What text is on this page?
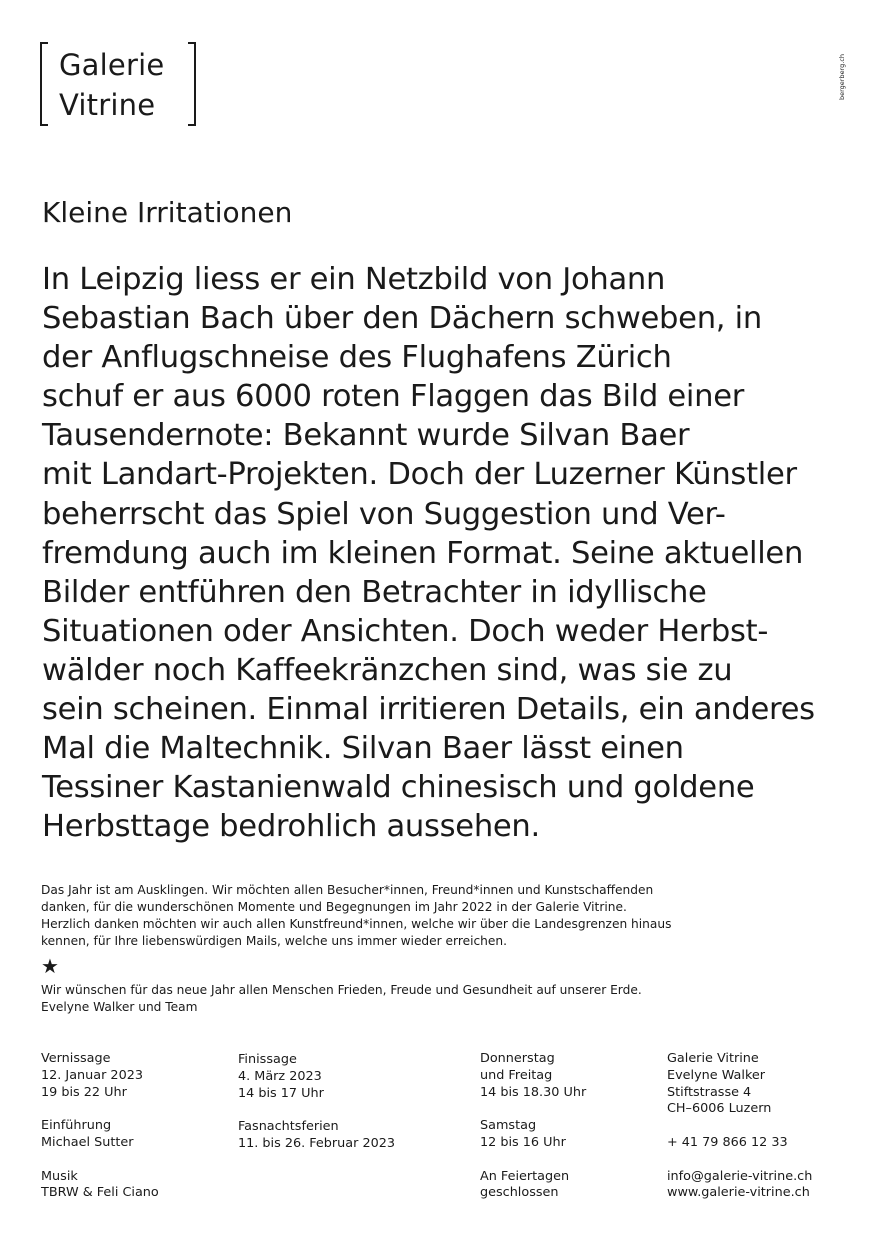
Galerie
Vitrine
bergerberg.ch
Kleine Irritationen
In Leipzig liess er ein Netzbild von Johann
Sebastian Bach über den Dächern schweben, in
der Anflugschneise des Flughafens Zürich
schuf er aus 6000 roten Flaggen das Bild einer
Tausendernote: Bekannt wurde Silvan Baer
mit Landart-Projekten. Doch der Luzerner Künstler
beherrscht das Spiel von Suggestion und Ver-
fremdung auch im kleinen Format. Seine aktuellen
Bilder entführen den Betrachter in idyllische
Situationen oder Ansichten. Doch weder Herbst-
wälder noch Kaffeekränzchen sind, was sie zu
sein scheinen. Einmal irritieren Details, ein anderes
Mal die Maltechnik. Silvan Baer lässt einen
Tessiner Kastanienwald chinesisch und goldene
Herbsttage bedrohlich aussehen.
Das Jahr ist am Ausklingen. Wir möchten allen Besucher*innen, Freund*innen und Kunstschaffenden
danken, für die wunderschönen Momente und Begegnungen im Jahr 2022 in der Galerie Vitrine.
Herzlich danken möchten wir auch allen Kunstfreund*innen, welche wir über die Landesgrenzen hinaus
kennen, für Ihre liebenswürdigen Mails, welche uns immer wieder erreichen.
★
Wir wünschen für das neue Jahr allen Menschen Frieden, Freude und Gesundheit auf unserer Erde.
Evelyne Walker und Team
Vernissage
12. Januar 2023
19 bis 22 Uhr
Einführung
Michael Sutter
Musik
TBRW & Feli Ciano
Finissage
4. März 2023
14 bis 17 Uhr
Fasnachtsferien
11. bis 26. Februar 2023
Donnerstag
und Freitag
14 bis 18.30 Uhr
Samstag
12 bis 16 Uhr
An Feiertagen
geschlossen
Galerie Vitrine
Evelyne Walker
Stiftstrasse 4
CH–6006 Luzern
+ 41 79 866 12 33
info@galerie-vitrine.ch
www.galerie-vitrine.ch
